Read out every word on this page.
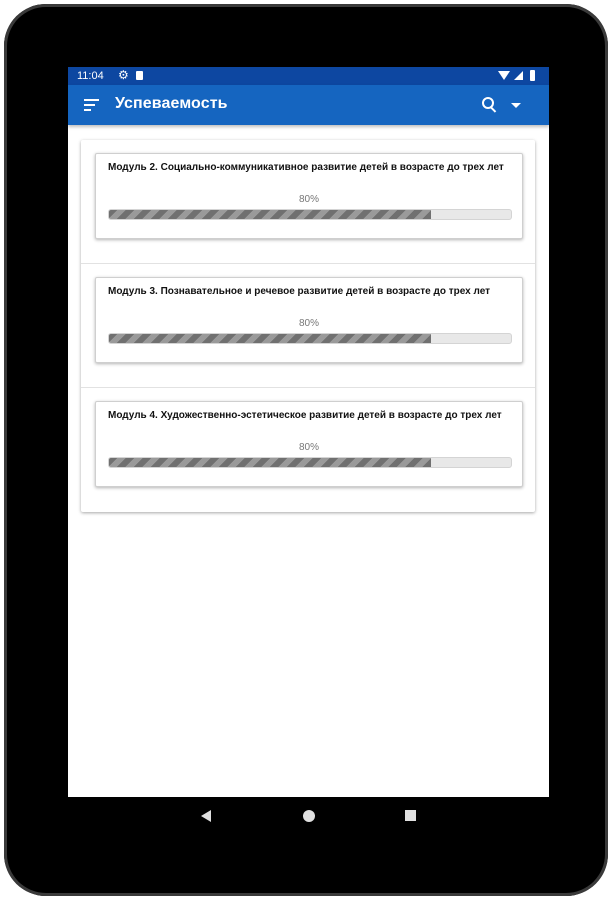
11:04 ⚙
Успеваемость
Модуль 2. Социально-коммуникативное развитие детей в возрасте до трех лет
80%
Модуль 3. Познавательное и речевое развитие детей в возрасте до трех лет
80%
Модуль 4. Художественно-эстетическое развитие детей в возрасте до трех лет
80%
